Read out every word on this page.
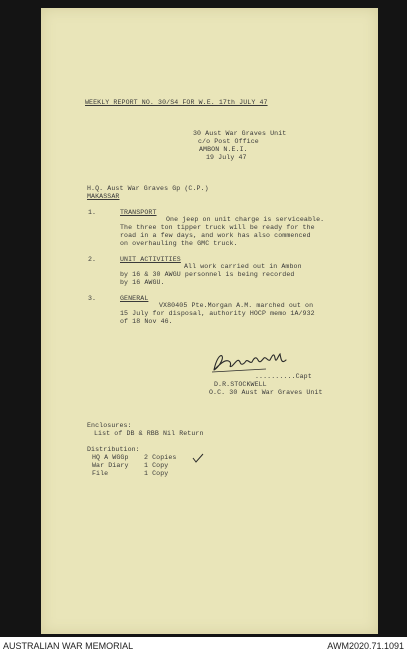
WEEKLY REPORT NO. 30/S4 FOR W.E. 17th JULY 47
30 Aust War Graves Unit
c/o Post Office
AMBON N.E.I.
19 July 47
H.Q. Aust War Graves Gp (C.P.)
MAKASSAR
1.	TRANSPORT
One jeep on unit charge is serviceable.
The three ton tipper truck will be ready for the
road in a few days, and work has also commenced
on overhauling the GMC truck.
2.	UNIT ACTIVITIES
All work carried out in Ambon
by 16 & 30 AWGU personnel is being recorded
by 16 AWGU.
3.	GENERAL
VX80405 Pte.Morgan A.M. marched out on
15 July for disposal, authority HOCP memo 1A/932
of 18 Nov 46.
..........Capt
D.R.STOCKWELL
O.C. 30 Aust War Graves Unit
Enclosures:
List of DB & RBB Nil Return
Distribution:
HQ A WGGp 2 Copies
War Diary 1 Copy
File	1 Copy
AUSTRALIAN WAR MEMORIAL	AWM2020.71.1091
